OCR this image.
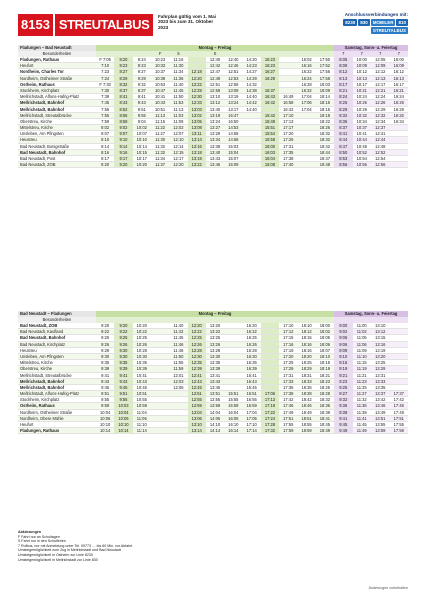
8153 STREUTALBUS
Fahrplan gültig vom 1. Mai 2023 bis zum 31. Oktober 2023
Anschlussverbindungen mit:
8230	830	MOBILER	810
STREUTALBUS
Fladungen – Bad Neustadt	Montag – Freitag	Samstag, Sonn- u. Feiertag
Besonderheiten	F	S	S	7	7	7	7
Fladungen, Rathaus	F 7:05	8:20	9:24	10:23	11:16	12:40	12:40	14:20	16:23	16:02	17:50	8:05	10:00	12:05	16:00
Heufurt	7:10	8:23	9:23	10:33	11:30	12:42	12:46	14:23	16:23	16:16	17:52	8:09	10:09	12:09	16:09
Nordheim, Charles Tor	7:23	8:27	9:27	10:37	11:34	12:18	12:47	12:51	14:27	16:27	16:22	17:56	8:12	10:12	12:12	16:12
Nordheim, Ostheimer Straße	7:24	8:29	9:29	10:39	11:36	12:20	12:49	12:53	14:29	16:29	16:24	17:58	8:13	10:13	12:13	16:13
Ostheim, Rathaus	F 7:30	8:32	9:32	10:53	11:40	12:22	12:51	12:58	14:32	16:28	18:03	8:17	10:17	12:17	16:17
Stockheim, Kirchplatz	7:30	8:37	8:37	10:47	11:45	12:28	12:59	13:08	14:38	16:37	16:32	18:09	8:21	10:21	12:21	16:21
Mellrichstadt, Alfons-Hafrig-Platz	7:39	8:41	9:41	10:41	11:50	12:30	13:10	13:19	14:40	16:43	16:49	17:04	18:14	8:24	10:24	12:24	16:24
Mellrichstadt, Bahnhof	7:45	8:43	9:43	10:43	11:53	12:33	13:12	13:24	14:42	16:42	16:58	17:06	18:15	8:26	10:26	12:26	16:26
Mellrichstadt, Bahnhof	7:55	8:52	9:51	10:51	11:13	13:03	13:40	13:17	14:40	16:42	17:04	18:15	8:29	10:29	12:29	16:29
Mellrichstadt, Streutalbrücke	7:55	8:55	9:55	11:13	11:03	13:02	13:19	16:47	15:42	17:10	18:18	8:32	10:32	12:32	16:32
Oberstreu, Kirche	7:59	8:59	9:04	11:16	11:08	13:05	13:24	16:50	15:49	17:13	18:22	8:36	10:34	12:34	16:34
Mittelstreu, Kirche	8:02	9:02	10:02	11:22	12:02	13:08	13:27	14:53	15:51	17:17	18:26	8:37	10:37	12:37
Unsleben, Am Pfingsten	8:07	9:07	10:07	11:27	12:07	13:11	13:29	14:58	15:54	17:20	18:32	8:41	10:41	12:41
Heustreu	8:10	9:10	10:10	11:30	12:10	13:14	13:34	14:58	15:58	17:25	18:32	8:44	10:44	12:44
Bad Neustadt, Bonigstraße	8:14	9:14	10:14	11:32	12:14	13:16	13:38	15:03	16:00	17:31	18:42	8:47	10:48	12:48
Bad Neustadt, Bahnhof	8:16	9:16	10:15	11:32	12:15	13:18	13:40	15:04	16:03	17:35	18:44	8:50	10:52	12:52
Bad Neustadt, Post	8:17	9:17	10:17	11:34	12:17	13:19	13:43	15:07	16:04	17:38	18:47	8:53	10:54	12:54
Bad Neustadt, ZOB	8:20	9:20	10:20	11:37	12:20	13:22	13:46	15:09	16:08	17:40	18:48	8:56	10:56	12:56
Bad Neustadt – Fladungen	Montag – Freitag	Samstag, Sonn- u. Feiertag
Besonderheiten
Bad Neustadt, ZOB	9:20	9:20	10:20	11:40	12:20	13:20	16:20	17:10	18:10	18:00	9:00	11:00	13:10
Bad Neustadt, Kaufland	9:22	9:22	10:22	11:42	12:22	13:22	16:22	17:12	18:12	18:02	9:02	11:02	13:12
Bad Neustadt, Bahnhof	9:25	9:25	10:25	11:45	12:25	13:25	16:25	17:15	18:15	18:05	9:05	11:05	13:15
Bad Neustadt, Kirchplatz	9:26	9:26	10:26	11:46	12:26	13:26	16:26	17:16	18:16	18:06	9:06	11:06	13:16
Heustreu	9:29	9:30	10:28	11:48	12:28	13:28	16:28	17:19	18:16	18:07	9:09	11:09	13:19
Unsleben, Am Pfingsten	9:30	9:30	10:30	11:50	12:30	13:30	16:30	17:20	18:20	18:10	9:10	11:10	13:20
Mittelstreu, Kirche	9:35	9:35	10:35	11:55	12:35	13:35	16:35	17:25	18:25	18:15	9:15	11:15	13:25
Oberstreu, Kirche	9:39	9:39	10:39	11:59	12:39	13:39	16:39	17:29	18:29	18:19	9:19	11:19	13:29
Mellrichstadt, Streutalbrücke	9:41	9:41	10:41	12:01	12:41	13:41	16:41	17:31	18:31	18:21	9:21	11:21	13:31
Mellrichstadt, Bahnhof	9:43	9:43	10:43	12:03	12:43	13:43	16:43	17:33	18:33	18:23	9:23	11:23	13:33
Mellrichstadt, Bahnhof	9:45	9:45	10:45	12:05	12:45	13:45	16:45	17:35	18:35	18:25	9:25	11:25	13:35
Mellrichstadt, Alfons-Hafrig-Platz	9:51	9:51	10:51	12:51	13:51	15:51	16:51	17:06	17:38	18:38	18:28	9:27	11:27	13:37	17:37
Stockheim, Kirchplatz	9:55	9:55	10:55	12:55	13:55	15:55	16:55	17:13	17:42	18:42	18:32	9:32	11:32	13:42	17:42
Ostheim, Rathaus	9:59	10:03	10:59	12:59	13:59	15:59	16:59	17:19	17:46	18:46	18:36	9:36	11:36	13:46	17:46
Nordheim, Ostheimer Straße	10:04	10:04	11:04	13:04	14:04	16:04	17:04	17:22	17:49	18:49	18:39	9:39	11:39	13:49	17:49
Nordheim, Obere Mühle	10:06	10:06	11:06	13:06	14:06	16:06	17:06	17:24	17:51	18:51	18:41	9:41	11:41	13:51	17:51
Heufurt	10:10	10:10	11:10	13:10	14:10	16:10	17:10	17:28	17:55	18:55	18:45	9:45	11:45	13:55	17:55
Fladungen, Rathaus	10:14	10:14	11:14	13:14	14:14	16:14	17:14	17:32	17:59	18:59	18:49	9:49	11:49	13:59	17:59
Abkürzungen
F Fahrt nur an Schultagen
S Fahrt nur in den Schulferien
7 Rufbus, nur mit Anmeldung unter Tel. 09773 … bis 60 Min. vor Abfahrt
Umsteigemöglichkeit zum Zug in Mellrichstadt und Bad Neustadt
Umsteigemöglichkeit in Ostheim zur Linie 8230
Umsteigemöglichkeit in Mellrichstadt zur Linie 830
Änderungen vorbehalten
